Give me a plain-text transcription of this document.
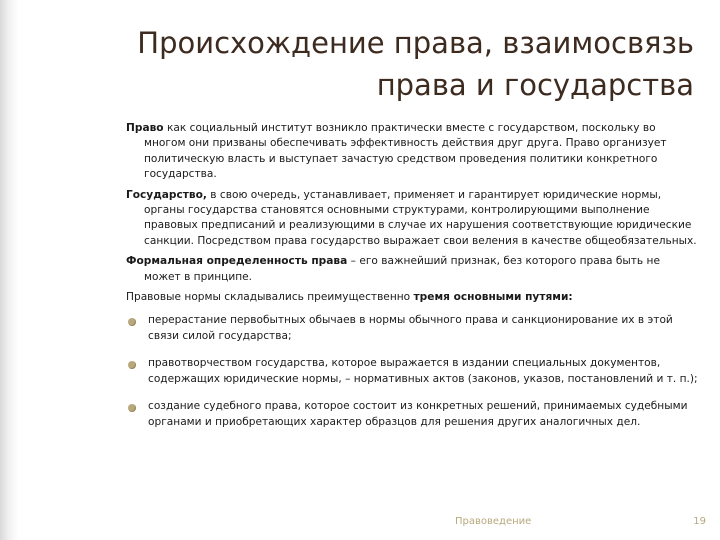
Происхождение права, взаимосвязь
права и государства

Право как социальный институт возникло практически вместе с государством, поскольку во многом они призваны обеспечивать эффективность действия друг друга. Право организует политическую власть и выступает зачастую средством проведения политики конкретного государства.

Государство, в свою очередь, устанавливает, применяет и гарантирует юридические нормы, органы государства становятся основными структурами, контролирующими выполнение правовых предписаний и реализующими в случае их нарушения соответствующие юридические санкции. Посредством права государство выражает свои веления в качестве общеобязательных.

Формальная определенность права – его важнейший признак, без которого права быть не может в принципе.

Правовые нормы складывались преимущественно тремя основными путями:

перерастание первобытных обычаев в нормы обычного права и санкционирование их в этой связи силой государства;
правотворчеством государства, которое выражается в издании специальных документов, содержащих юридические нормы, – нормативных актов (законов, указов, постановлений и т. п.);
создание судебного права, которое состоит из конкретных решений, принимаемых судебными органами и приобретающих характер образцов для решения других аналогичных дел.
Правоведение	19
